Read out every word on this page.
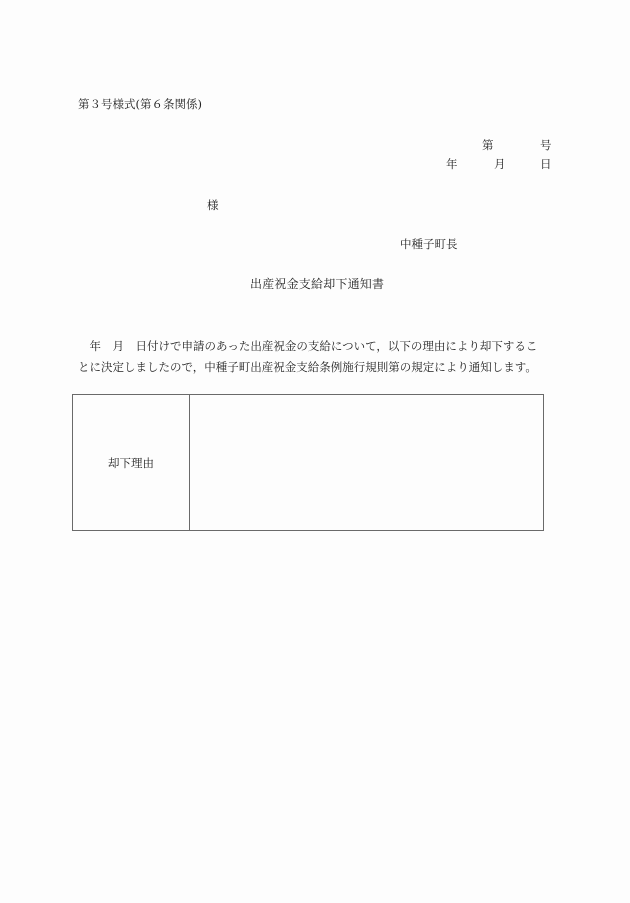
第３号様式(第６条関係)
第	号
年	月	日
様
中種子町長
出産祝金支給却下通知書
　年　月　日付けで申請のあった出産祝金の支給について，以下の理由により却下するこ
とに決定しましたので，中種子町出産祝金支給条例施行規則第の規定により通知します。
却下理由
